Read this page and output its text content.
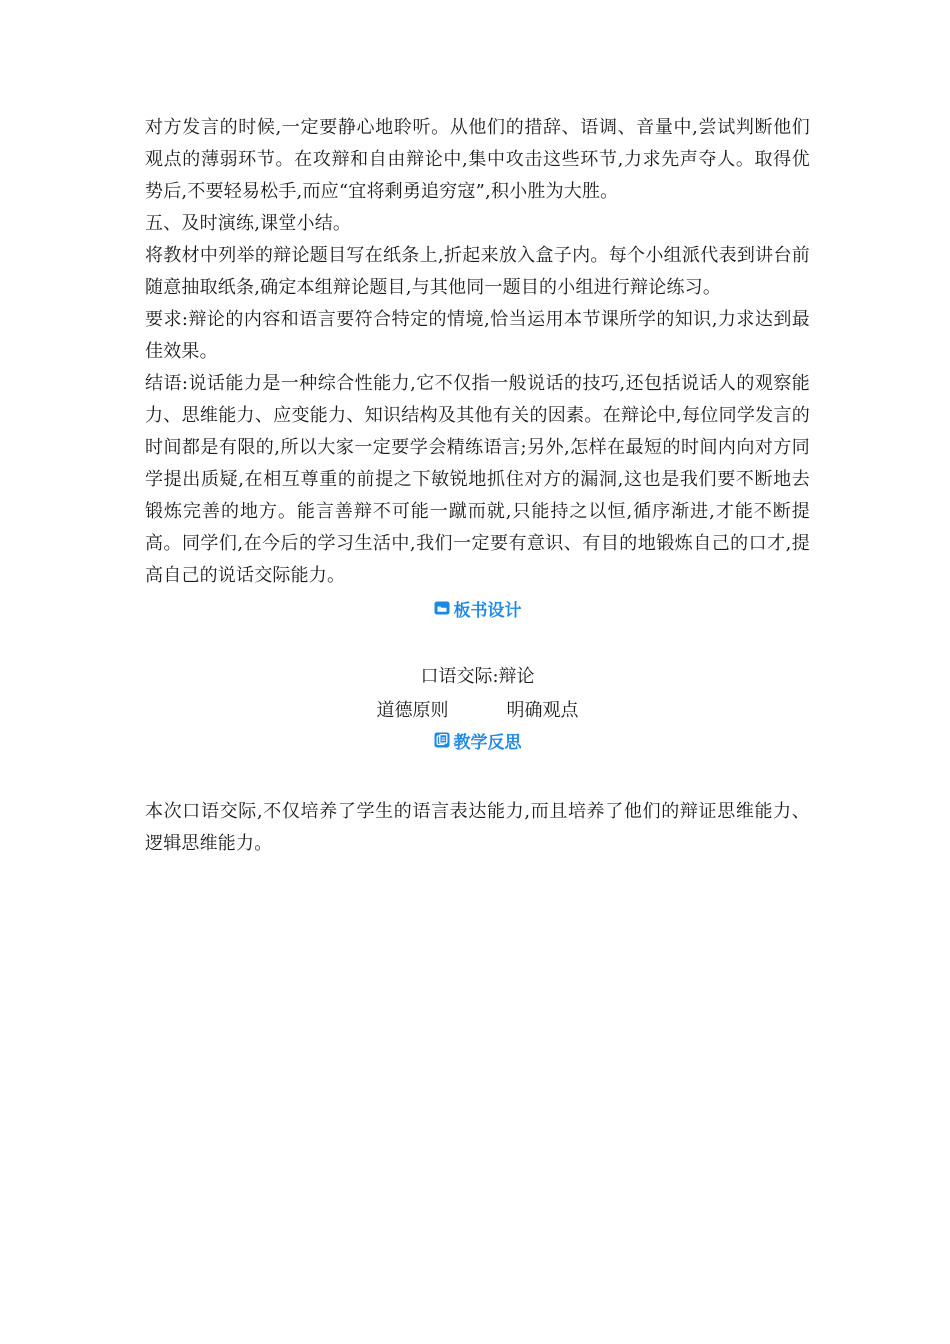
对方发言的时候,一定要静心地聆听。从他们的措辞、语调、音量中,尝试判断他们观点的薄弱环节。在攻辩和自由辩论中,集中攻击这些环节,力求先声夺人。取得优势后,不要轻易松手,而应“宜将剩勇追穷寇”,积小胜为大胜。

五、及时演练,课堂小结。

将教材中列举的辩论题目写在纸条上,折起来放入盒子内。每个小组派代表到讲台前随意抽取纸条,确定本组辩论题目,与其他同一题目的小组进行辩论练习。

要求:辩论的内容和语言要符合特定的情境,恰当运用本节课所学的知识,力求达到最佳效果。

结语:说话能力是一种综合性能力,它不仅指一般说话的技巧,还包括说话人的观察能力、思维能力、应变能力、知识结构及其他有关的因素。在辩论中,每位同学发言的时间都是有限的,所以大家一定要学会精练语言;另外,怎样在最短的时间内向对方同学提出质疑,在相互尊重的前提之下敏锐地抓住对方的漏洞,这也是我们要不断地去锻炼完善的地方。能言善辩不可能一蹴而就,只能持之以恒,循序渐进,才能不断提高。同学们,在今后的学习生活中,我们一定要有意识、有目的地锻炼自己的口才,提高自己的说话交际能力。

板书设计
口语交际:辩论
道德原则	明确观点
教学反思

本次口语交际,不仅培养了学生的语言表达能力,而且培养了他们的辩证思维能力、逻辑思维能力。
